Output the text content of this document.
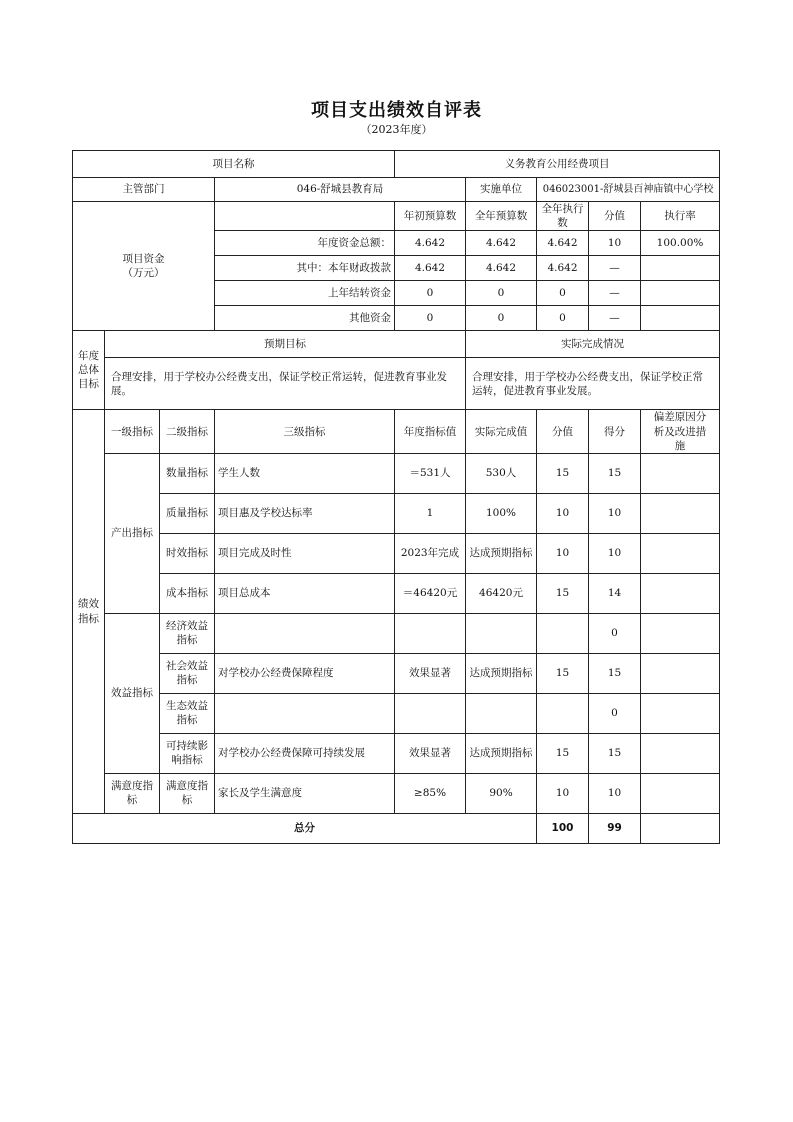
项目支出绩效自评表
（2023年度）
项目名称				义务教育公用经费项目					
主管部门			046-舒城县教育局		实施单位	046023001-舒城县百神庙镇中心学校			
项目资金
（万元）				年初预算数	全年预算数	全年执行数	分值	执行率	
			年度资金总额：	4.642	4.642	4.642	10	100.00%	
			其中：本年财政拨款	4.642	4.642	4.642	—		
			上年结转资金	0	0	0	—		
			其他资金	0	0	0	—		

年度
总体
目标	预期目标				实际完成情况				
	合理安排，用于学校办公经费支出，保证学校正常运转，促进教育事业发展。				合理安排，用于学校办公经费支出，保证学校正常运转，促进教育事业发展。				
绩效
指标	一级指标	二级指标	三级指标	年度指标值	实际完成值	分值	得分	偏差原因分析及改进措施	
	产出指标	数量指标	学生人数	＝531人	530人	15	15		
		质量指标	项目惠及学校达标率	1	100%	10	10		
		时效指标	项目完成及时性	2023年完成	达成预期指标	10	10		
		成本指标	项目总成本	＝46420元	46420元	15	14		
	效益指标	经济效益指标					0		
		社会效益指标	对学校办公经费保障程度	效果显著	达成预期指标	15	15		
		生态效益指标					0		
		可持续影响指标	对学校办公经费保障可持续发展	效果显著	达成预期指标	15	15		
	满意度指标	满意度指标	家长及学生满意度	≥85%	90%	10	10		
总分						100	99		
